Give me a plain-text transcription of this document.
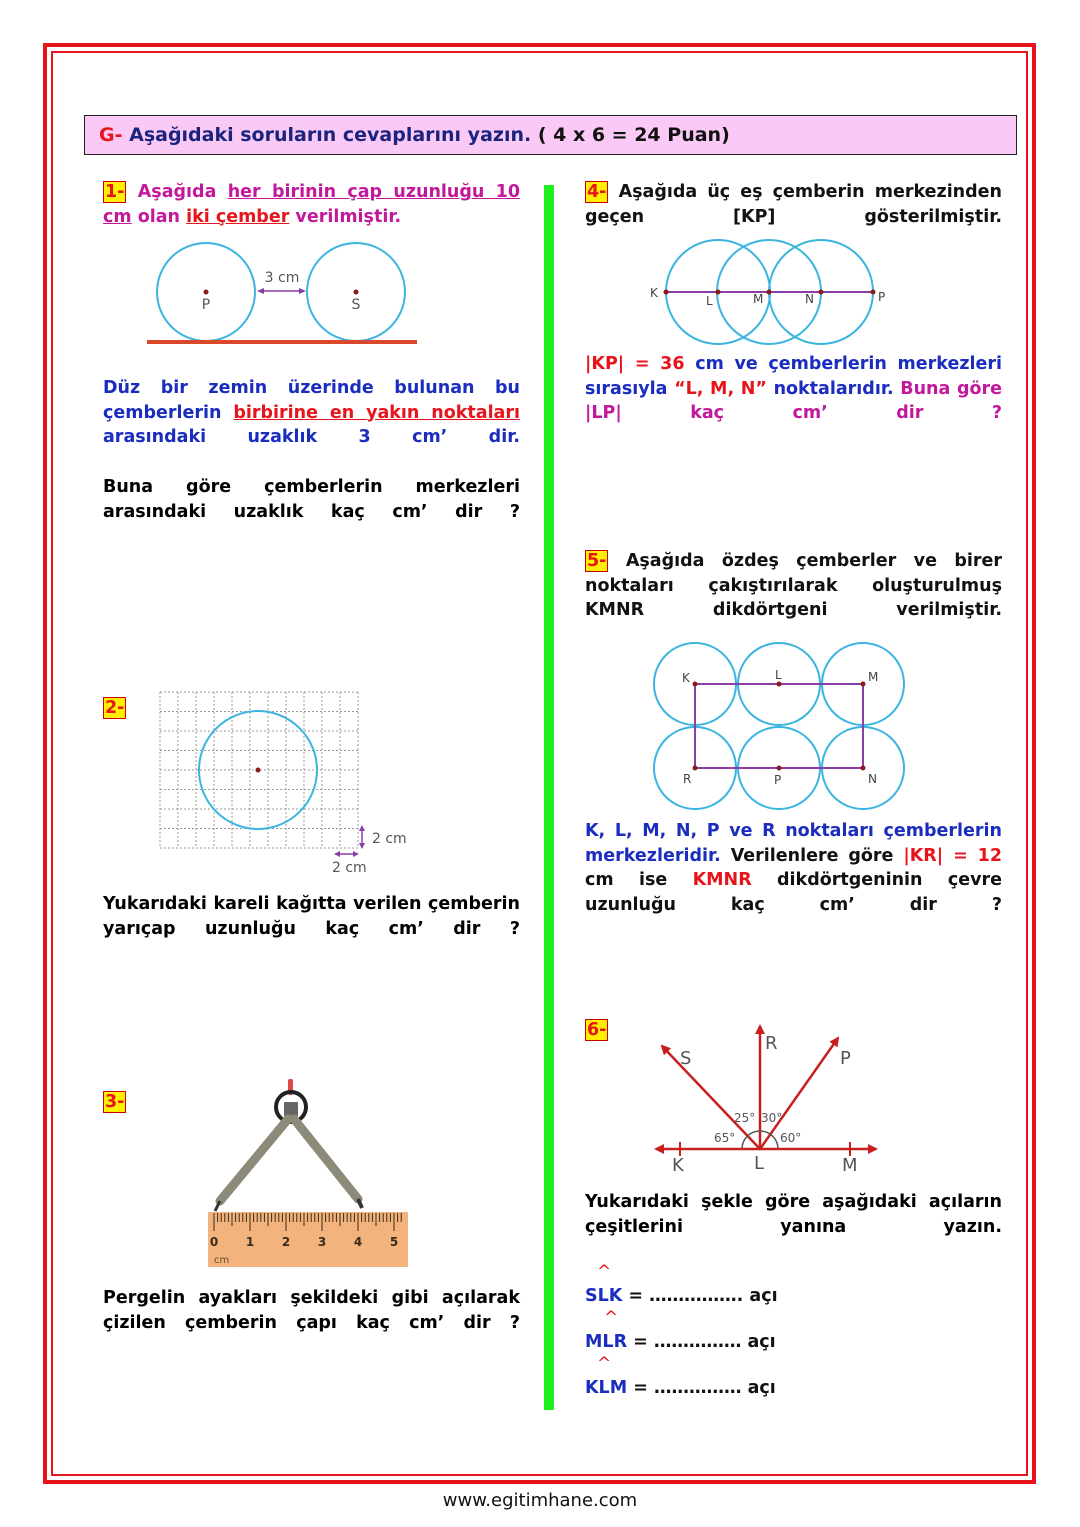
G- Aşağıdaki soruların cevaplarını yazın. ( 4 x 6 = 24 Puan)
1- Aşağıda her birinin çap uzunluğu 10 cm olan iki çember verilmiştir.
3 cm
P	S
Düz bir zemin üzerinde bulunan bu çemberlerin birbirine en yakın noktaları arasındaki uzaklık 3 cm’ dir.
Buna göre çemberlerin merkezleri arasındaki uzaklık kaç cm’ dir ?
2-
2 cm
2 cm
Yukarıdaki kareli kağıtta verilen çemberin yarıçap uzunluğu kaç cm’ dir ?
3-
0 1 2 3 4 5
cm
Pergelin ayakları şekildeki gibi açılarak çizilen çemberin çapı kaç cm’ dir ?
4- Aşağıda üç eş çemberin merkezinden geçen [KP] gösterilmiştir.
K
L	M	N	P
|KP| = 36 cm ve çemberlerin merkezleri sırasıyla “L, M, N” noktalarıdır. Buna göre |LP| kaç cm’ dir ?
5- Aşağıda özdeş çemberler ve birer noktaları çakıştırılarak oluşturulmuş KMNR dikdörtgeni verilmiştir.
K	L	M
R	P	N
K, L, M, N, P ve R noktaları çemberlerin merkezleridir. Verilenlere göre |KR| = 12 cm ise KMNR dikdörtgeninin çevre uzunluğu kaç cm’ dir ?
6-
S
R
P
K	L	M
25° 30°
65°	60°
Yukarıdaki şekle göre aşağıdaki açıların çeşitlerini yanına yazın.
^
SLK = ……………. açı
^
MLR = …………… açı
^
KLM = …………… açı
www.egitimhane.com
